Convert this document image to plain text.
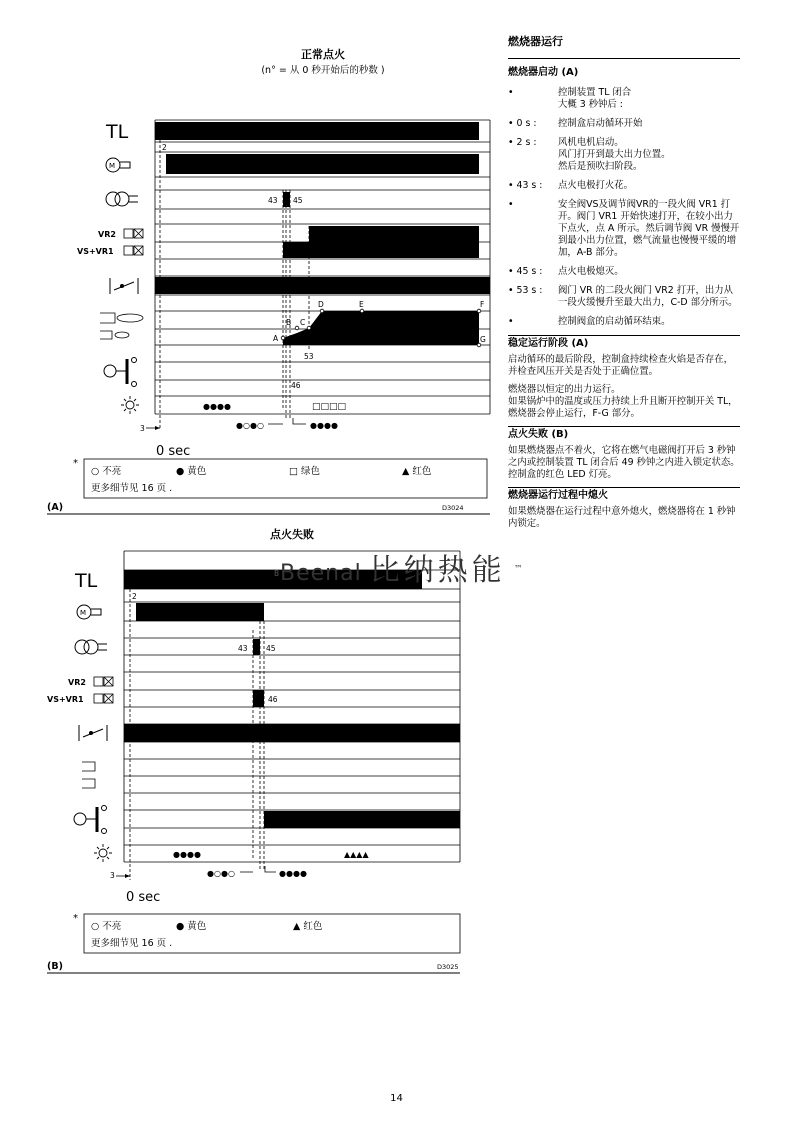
正常点火
(n° = 从 0 秒开始后的秒数 )
A
B C
D	E	F
G
2
43 45
53
46
3
TL
M
VR2
VS+VR1
●●●●	□□□□
●○●○	●●●●
0 sec
*
○ 不亮	● 黄色	□ 绿色	▲ 红色
更多细节见 16 页 .
(A)	D3024
点火失败
B
2
43 45
46
3
TL
M
VR2
VS+VR1
●●●●	▲▲▲▲
●○●○	●●●●
0 sec
*
○ 不亮	● 黄色	▲ 红色
更多细节见 16 页 .
(B)	D3025
Beenal 比纳热能 ™
燃烧器运行
燃烧器启动 (A)
•	控制装置 TL 闭合
大概 3 秒钟后 :
• 0 s :	控制盒启动循环开始
• 2 s :	风机电机启动。
风门打开到最大出力位置。
然后是预吹扫阶段。
• 43 s :	点火电极打火花。
•	安全阀VS及调节阀VR的一段火阀 VR1 打开。阀门 VR1 开始快速打开，在较小出力下点火，点 A 所示。然后调节阀 VR 慢慢开到最小出力位置，燃气流量也慢慢平缓的增加，A-B 部分。
• 45 s :	点火电极熄灭。
• 53 s :	阀门 VR 的二段火阀门 VR2 打开，出力从一段火缓慢升至最大出力，C-D 部分所示。
•	控制阀盒的启动循环结束。
稳定运行阶段 (A)
启动循环的最后阶段，控制盒持续检查火焰是否存在，并检查风压开关是否处于正确位置。
燃烧器以恒定的出力运行。
如果锅炉中的温度或压力持续上升且断开控制开关 TL，燃烧器会停止运行，F-G 部分。
点火失败 (B)
如果燃烧器点不着火，它将在燃气电磁阀打开后 3 秒钟之内或控制装置 TL 闭合后 49 秒钟之内进入锁定状态。
控制盒的红色 LED 灯亮。
燃烧器运行过程中熄火
如果燃烧器在运行过程中意外熄火，燃烧器将在 1 秒钟内锁定。
14
